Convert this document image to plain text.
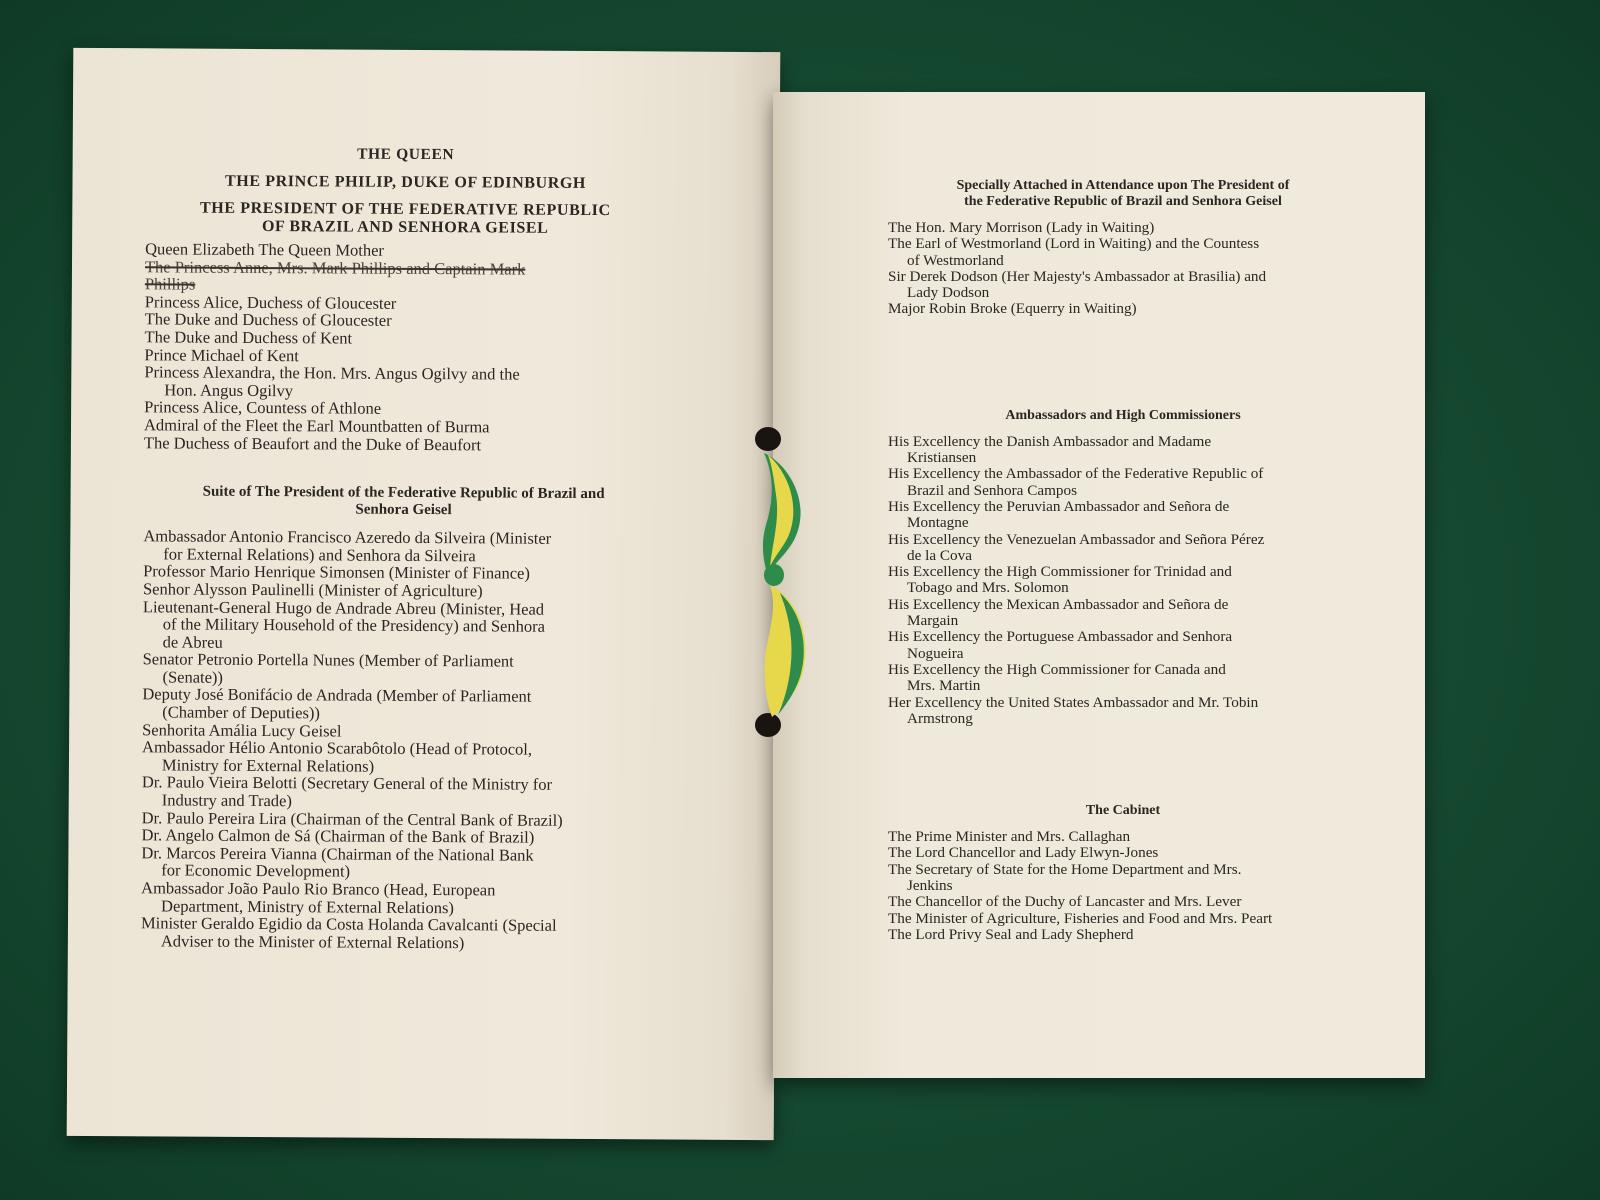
THE QUEEN
THE PRINCE PHILIP, DUKE OF EDINBURGH
THE PRESIDENT OF THE FEDERATIVE REPUBLIC
OF BRAZIL AND SENHORA GEISEL
Queen Elizabeth The Queen Mother
The Princess Anne, Mrs. Mark Phillips and Captain Mark
Phillips
Princess Alice, Duchess of Gloucester
The Duke and Duchess of Gloucester
The Duke and Duchess of Kent
Prince Michael of Kent
Princess Alexandra, the Hon. Mrs. Angus Ogilvy and the
Hon. Angus Ogilvy
Princess Alice, Countess of Athlone
Admiral of the Fleet the Earl Mountbatten of Burma
The Duchess of Beaufort and the Duke of Beaufort
Suite of The President of the Federative Republic of Brazil and
Senhora Geisel
Ambassador Antonio Francisco Azeredo da Silveira (Minister
for External Relations) and Senhora da Silveira
Professor Mario Henrique Simonsen (Minister of Finance)
Senhor Alysson Paulinelli (Minister of Agriculture)
Lieutenant-General Hugo de Andrade Abreu (Minister, Head
of the Military Household of the Presidency) and Senhora
de Abreu
Senator Petronio Portella Nunes (Member of Parliament
(Senate))
Deputy José Bonifácio de Andrada (Member of Parliament
(Chamber of Deputies))
Senhorita Amália Lucy Geisel
Ambassador Hélio Antonio Scarabôtolo (Head of Protocol,
Ministry for External Relations)
Dr. Paulo Vieira Belotti (Secretary General of the Ministry for
Industry and Trade)
Dr. Paulo Pereira Lira (Chairman of the Central Bank of Brazil)
Dr. Angelo Calmon de Sá (Chairman of the Bank of Brazil)
Dr. Marcos Pereira Vianna (Chairman of the National Bank
for Economic Development)
Ambassador João Paulo Rio Branco (Head, European
Department, Ministry of External Relations)
Minister Geraldo Egidio da Costa Holanda Cavalcanti (Special
Adviser to the Minister of External Relations)
Specially Attached in Attendance upon The President of
the Federative Republic of Brazil and Senhora Geisel
The Hon. Mary Morrison (Lady in Waiting)
The Earl of Westmorland (Lord in Waiting) and the Countess
of Westmorland
Sir Derek Dodson (Her Majesty's Ambassador at Brasilia) and
Lady Dodson
Major Robin Broke (Equerry in Waiting)
Ambassadors and High Commissioners
His Excellency the Danish Ambassador and Madame
Kristiansen
His Excellency the Ambassador of the Federative Republic of
Brazil and Senhora Campos
His Excellency the Peruvian Ambassador and Señora de
Montagne
His Excellency the Venezuelan Ambassador and Señora Pérez
de la Cova
His Excellency the High Commissioner for Trinidad and
Tobago and Mrs. Solomon
His Excellency the Mexican Ambassador and Señora de
Margain
His Excellency the Portuguese Ambassador and Senhora
Nogueira
His Excellency the High Commissioner for Canada and
Mrs. Martin
Her Excellency the United States Ambassador and Mr. Tobin
Armstrong
The Cabinet
The Prime Minister and Mrs. Callaghan
The Lord Chancellor and Lady Elwyn-Jones
The Secretary of State for the Home Department and Mrs.
Jenkins
The Chancellor of the Duchy of Lancaster and Mrs. Lever
The Minister of Agriculture, Fisheries and Food and Mrs. Peart
The Lord Privy Seal and Lady Shepherd
